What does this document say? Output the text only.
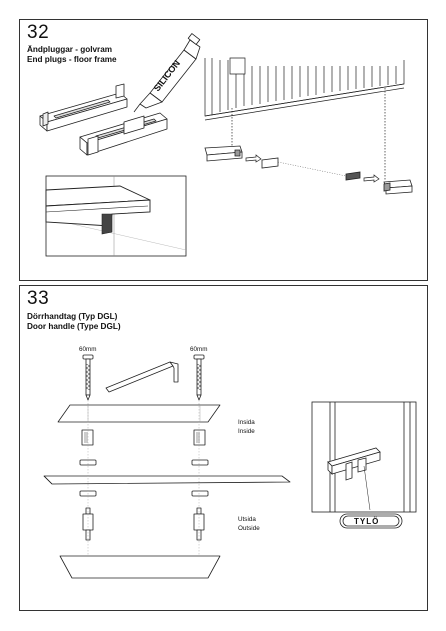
32
Ändpluggar - golvram
End plugs - floor frame	SILICON
33
Dörrhandtag (Typ DGL)
Door handle (Type DGL)
60mm	60mm
Insida
Inside
Utsida
Outside
TYLÖ
